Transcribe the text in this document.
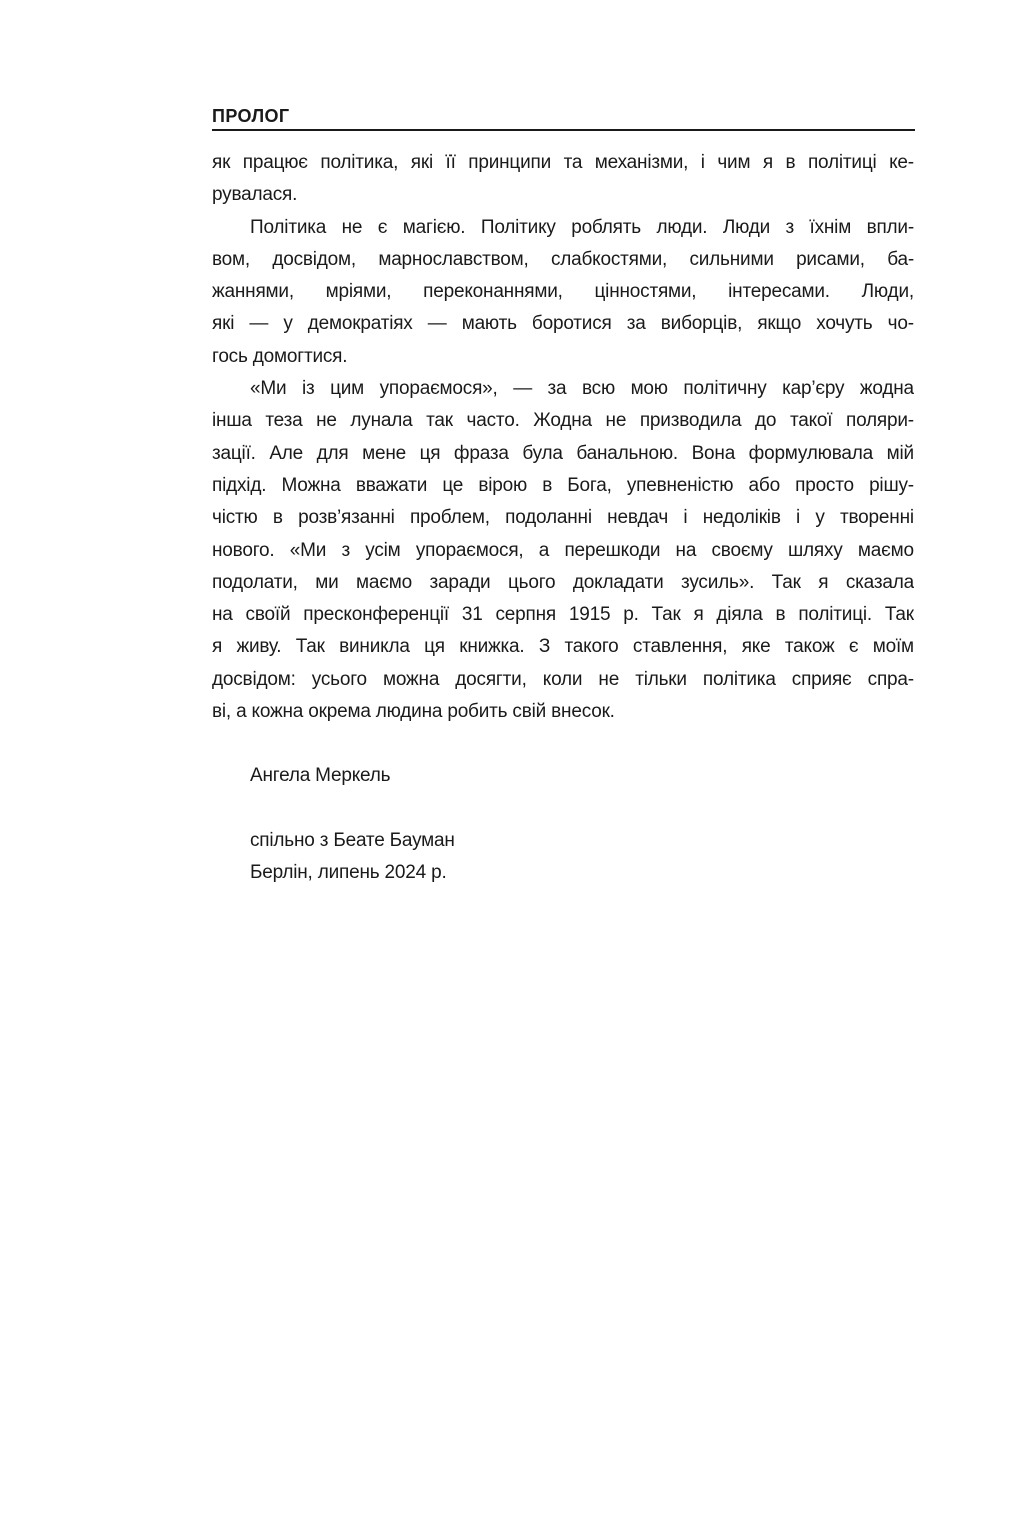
ПРОЛОГ
як працює політика, які її принципи та механізми, і чим я в політиці ке-
рувалася.
Політика не є магією. Політику роблять люди. Люди з їхнім впли-
вом, досвідом, марнославством, слабкостями, сильними рисами, ба-
жаннями, мріями, переконаннями, цінностями, інтересами. Люди,
які — у демократіях — мають боротися за виборців, якщо хочуть чо-
гось домогтися.
«Ми із цим упораємося», — за всю мою політичну кар’єру жодна
інша теза не лунала так часто. Жодна не призводила до такої поляри-
зації. Але для мене ця фраза була банальною. Вона формулювала мій
підхід. Можна вважати це вірою в Бога, упевненістю або просто рішу-
чістю в розв’язанні проблем, подоланні невдач і недоліків і у творенні
нового. «Ми з усім упораємося, а перешкоди на своєму шляху маємо
подолати, ми маємо заради цього докладати зусиль». Так я сказала
на своїй пресконференції 31 серпня 1915 р. Так я діяла в політиці. Так
я живу. Так виникла ця книжка. З такого ставлення, яке також є моїм
досвідом: усього можна досягти, коли не тільки політика сприяє спра-
ві, а кожна окрема людина робить свій внесок.
Ангела Меркель
спільно з Беате Бауман
Берлін, липень 2024 р.
